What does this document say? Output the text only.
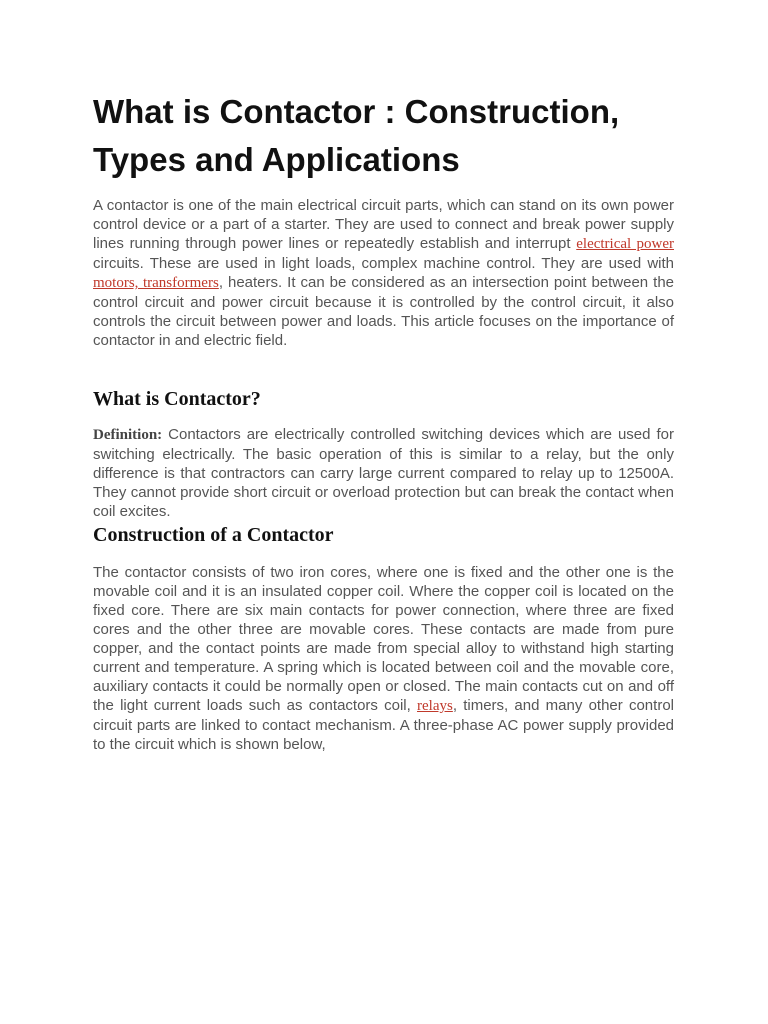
What is Contactor : Construction, Types and Applications

A contactor is one of the main electrical circuit parts, which can stand on its own power control device or a part of a starter. They are used to connect and break power supply lines running through power lines or repeatedly establish and interrupt electrical power circuits. These are used in light loads, complex machine control. They are used with motors, transformers, heaters. It can be considered as an intersection point between the control circuit and power circuit because it is controlled by the control circuit, it also controls the circuit between power and loads. This article focuses on the importance of contactor in and electric field.

What is Contactor?

Definition: Contactors are electrically controlled switching devices which are used for switching electrically. The basic operation of this is similar to a relay, but the only difference is that contractors can carry large current compared to relay up to 12500A. They cannot provide short circuit or overload protection but can break the contact when coil excites.

Construction of a Contactor

The contactor consists of two iron cores, where one is fixed and the other one is the movable coil and it is an insulated copper coil. Where the copper coil is located on the fixed core. There are six main contacts for power connection, where three are fixed cores and the other three are movable cores. These contacts are made from pure copper, and the contact points are made from special alloy to withstand high starting current and temperature. A spring which is located between coil and the movable core, auxiliary contacts it could be normally open or closed. The main contacts cut on and off the light current loads such as contactors coil, relays, timers, and many other control circuit parts are linked to contact mechanism. A three-phase AC power supply provided to the circuit which is shown below,
